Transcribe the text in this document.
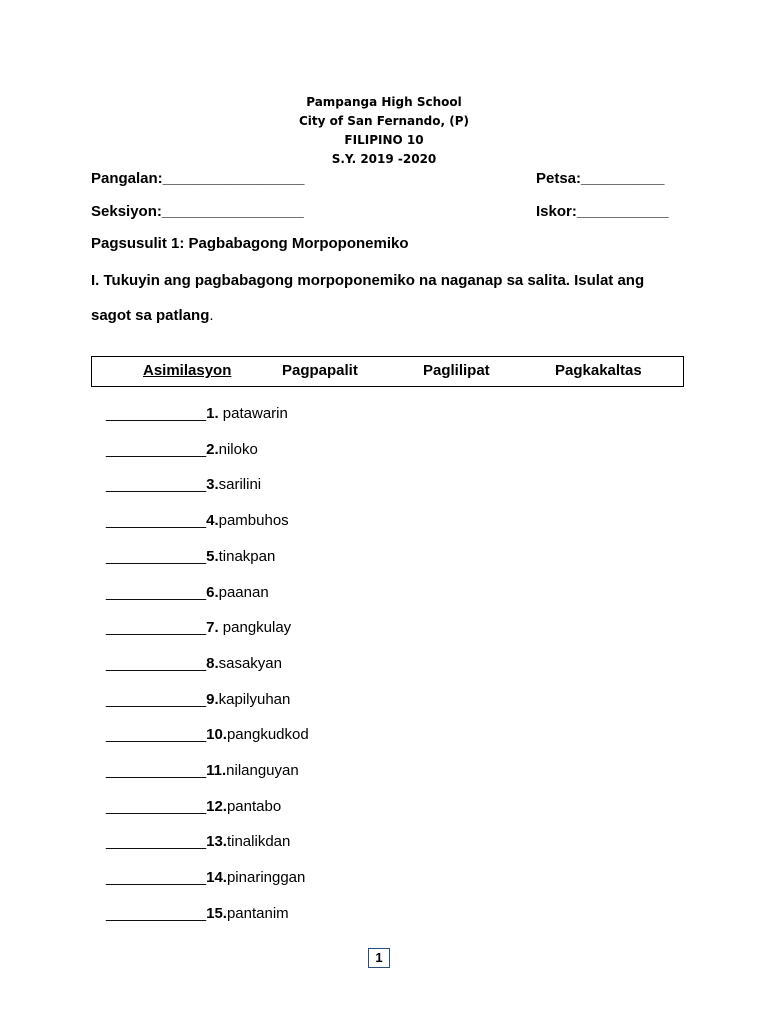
Pampanga High School
City of San Fernando, (P)
FILIPINO 10
S.Y. 2019 -2020
Pangalan:_________________	Petsa:__________
Seksiyon:_________________	Iskor:___________
Pagsusulit 1: Pagbabagong Morpoponemiko
I. Tukuyin ang pagbabagong morpoponemiko na naganap sa salita. Isulat ang
sagot sa patlang.
Asimilasyon	Pagpapalit	Paglilipat	Pagkakaltas
____________1. patawarin
____________2.niloko
____________3.sarilini
____________4.pambuhos
____________5.tinakpan
____________6.paanan
____________7. pangkulay
____________8.sasakyan
____________9.kapilyuhan
____________10.pangkudkod
____________11.nilanguyan
____________12.pantabo
____________13.tinalikdan
____________14.pinaringgan
____________15.pantanim
1
